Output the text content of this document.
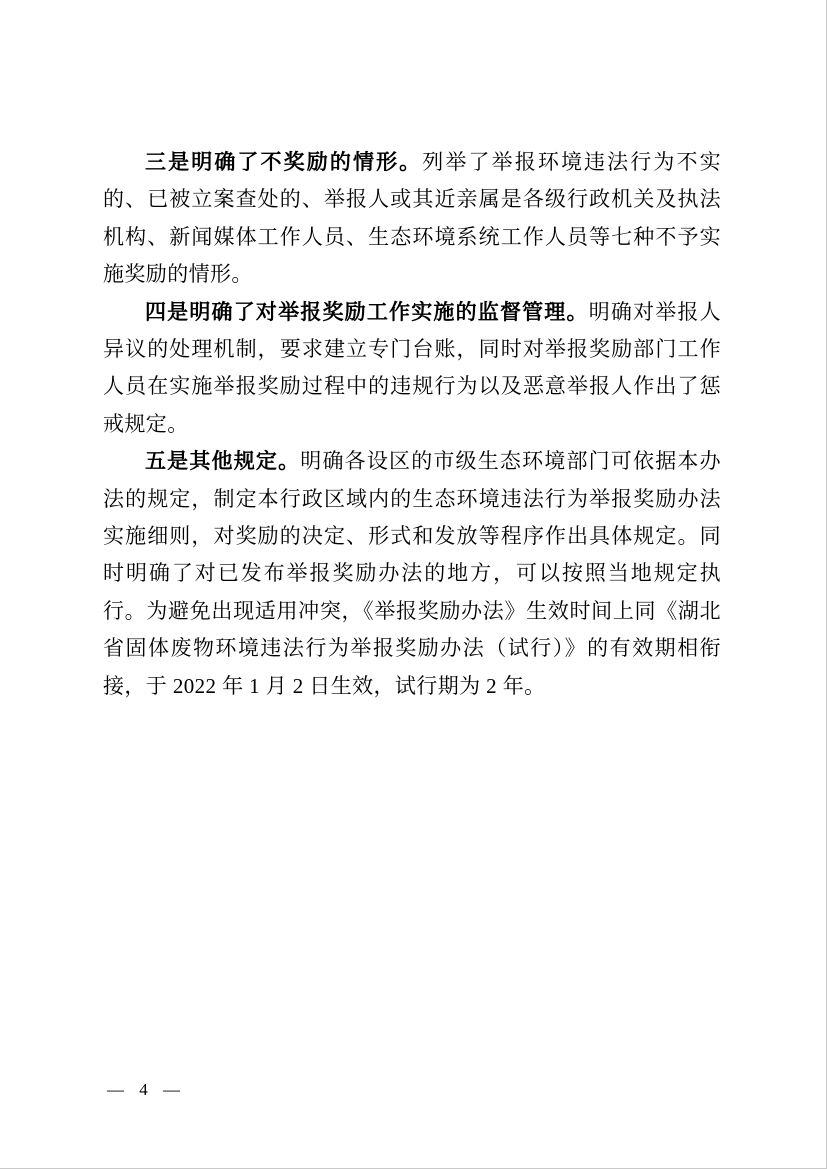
三是明确了不奖励的情形。列举了举报环境违法行为不实的、已被立案查处的、举报人或其近亲属是各级行政机关及执法机构、新闻媒体工作人员、生态环境系统工作人员等七种不予实施奖励的情形。

四是明确了对举报奖励工作实施的监督管理。明确对举报人异议的处理机制，要求建立专门台账，同时对举报奖励部门工作人员在实施举报奖励过程中的违规行为以及恶意举报人作出了惩戒规定。

五是其他规定。明确各设区的市级生态环境部门可依据本办法的规定，制定本行政区域内的生态环境违法行为举报奖励办法实施细则，对奖励的决定、形式和发放等程序作出具体规定。同时明确了对已发布举报奖励办法的地方，可以按照当地规定执行。为避免出现适用冲突，《举报奖励办法》生效时间上同《湖北省固体废物环境违法行为举报奖励办法（试行）》的有效期相衔接，于 2022 年 1 月 2 日生效，试行期为 2 年。

— 4 —
